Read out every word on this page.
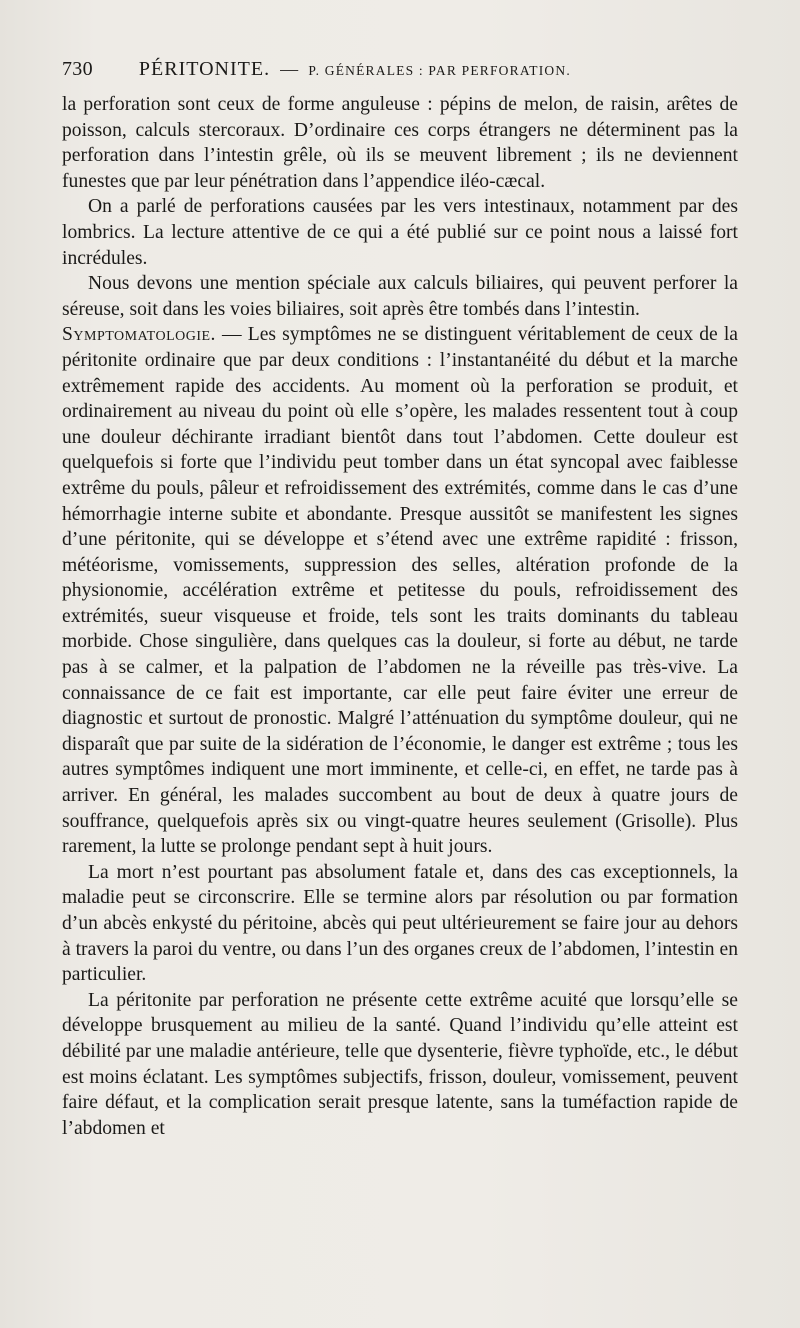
730 PÉRITONITE. — P. GÉNÉRALES : PAR PERFORATION.

la perforation sont ceux de forme anguleuse : pépins de melon, de raisin, arêtes de poisson, calculs stercoraux. D’ordinaire ces corps étrangers ne déterminent pas la perforation dans l’intestin grêle, où ils se meuvent librement ; ils ne deviennent funestes que par leur pénétration dans l’appendice iléo-cæcal.

On a parlé de perforations causées par les vers intestinaux, notamment par des lombrics. La lecture attentive de ce qui a été publié sur ce point nous a laissé fort incrédules.

Nous devons une mention spéciale aux calculs biliaires, qui peuvent perforer la séreuse, soit dans les voies biliaires, soit après être tombés dans l’intestin.

Symptomatologie. — Les symptômes ne se distinguent véritablement de ceux de la péritonite ordinaire que par deux conditions : l’instantanéité du début et la marche extrêmement rapide des accidents. Au moment où la perforation se produit, et ordinairement au niveau du point où elle s’opère, les malades ressentent tout à coup une douleur déchirante irradiant bientôt dans tout l’abdomen. Cette douleur est quelquefois si forte que l’individu peut tomber dans un état syncopal avec faiblesse extrême du pouls, pâleur et refroidissement des extrémités, comme dans le cas d’une hémorrhagie interne subite et abondante. Presque aussitôt se manifestent les signes d’une péritonite, qui se développe et s’étend avec une extrême rapidité : frisson, météorisme, vomissements, suppression des selles, altération profonde de la physionomie, accélération extrême et petitesse du pouls, refroidissement des extrémités, sueur visqueuse et froide, tels sont les traits dominants du tableau morbide. Chose singulière, dans quelques cas la douleur, si forte au début, ne tarde pas à se calmer, et la palpation de l’abdomen ne la réveille pas très-vive. La connaissance de ce fait est importante, car elle peut faire éviter une erreur de diagnostic et surtout de pronostic. Malgré l’atténuation du symptôme douleur, qui ne disparaît que par suite de la sidération de l’économie, le danger est extrême ; tous les autres symptômes indiquent une mort imminente, et celle-ci, en effet, ne tarde pas à arriver. En général, les malades succombent au bout de deux à quatre jours de souffrance, quelquefois après six ou vingt-quatre heures seulement (Grisolle). Plus rarement, la lutte se prolonge pendant sept à huit jours.

La mort n’est pourtant pas absolument fatale et, dans des cas exceptionnels, la maladie peut se circonscrire. Elle se termine alors par résolution ou par formation d’un abcès enkysté du péritoine, abcès qui peut ultérieurement se faire jour au dehors à travers la paroi du ventre, ou dans l’un des organes creux de l’abdomen, l’intestin en particulier.

La péritonite par perforation ne présente cette extrême acuité que lorsqu’elle se développe brusquement au milieu de la santé. Quand l’individu qu’elle atteint est débilité par une maladie antérieure, telle que dysenterie, fièvre typhoïde, etc., le début est moins éclatant. Les symptômes subjectifs, frisson, douleur, vomissement, peuvent faire défaut, et la complication serait presque latente, sans la tuméfaction rapide de l’abdomen et
